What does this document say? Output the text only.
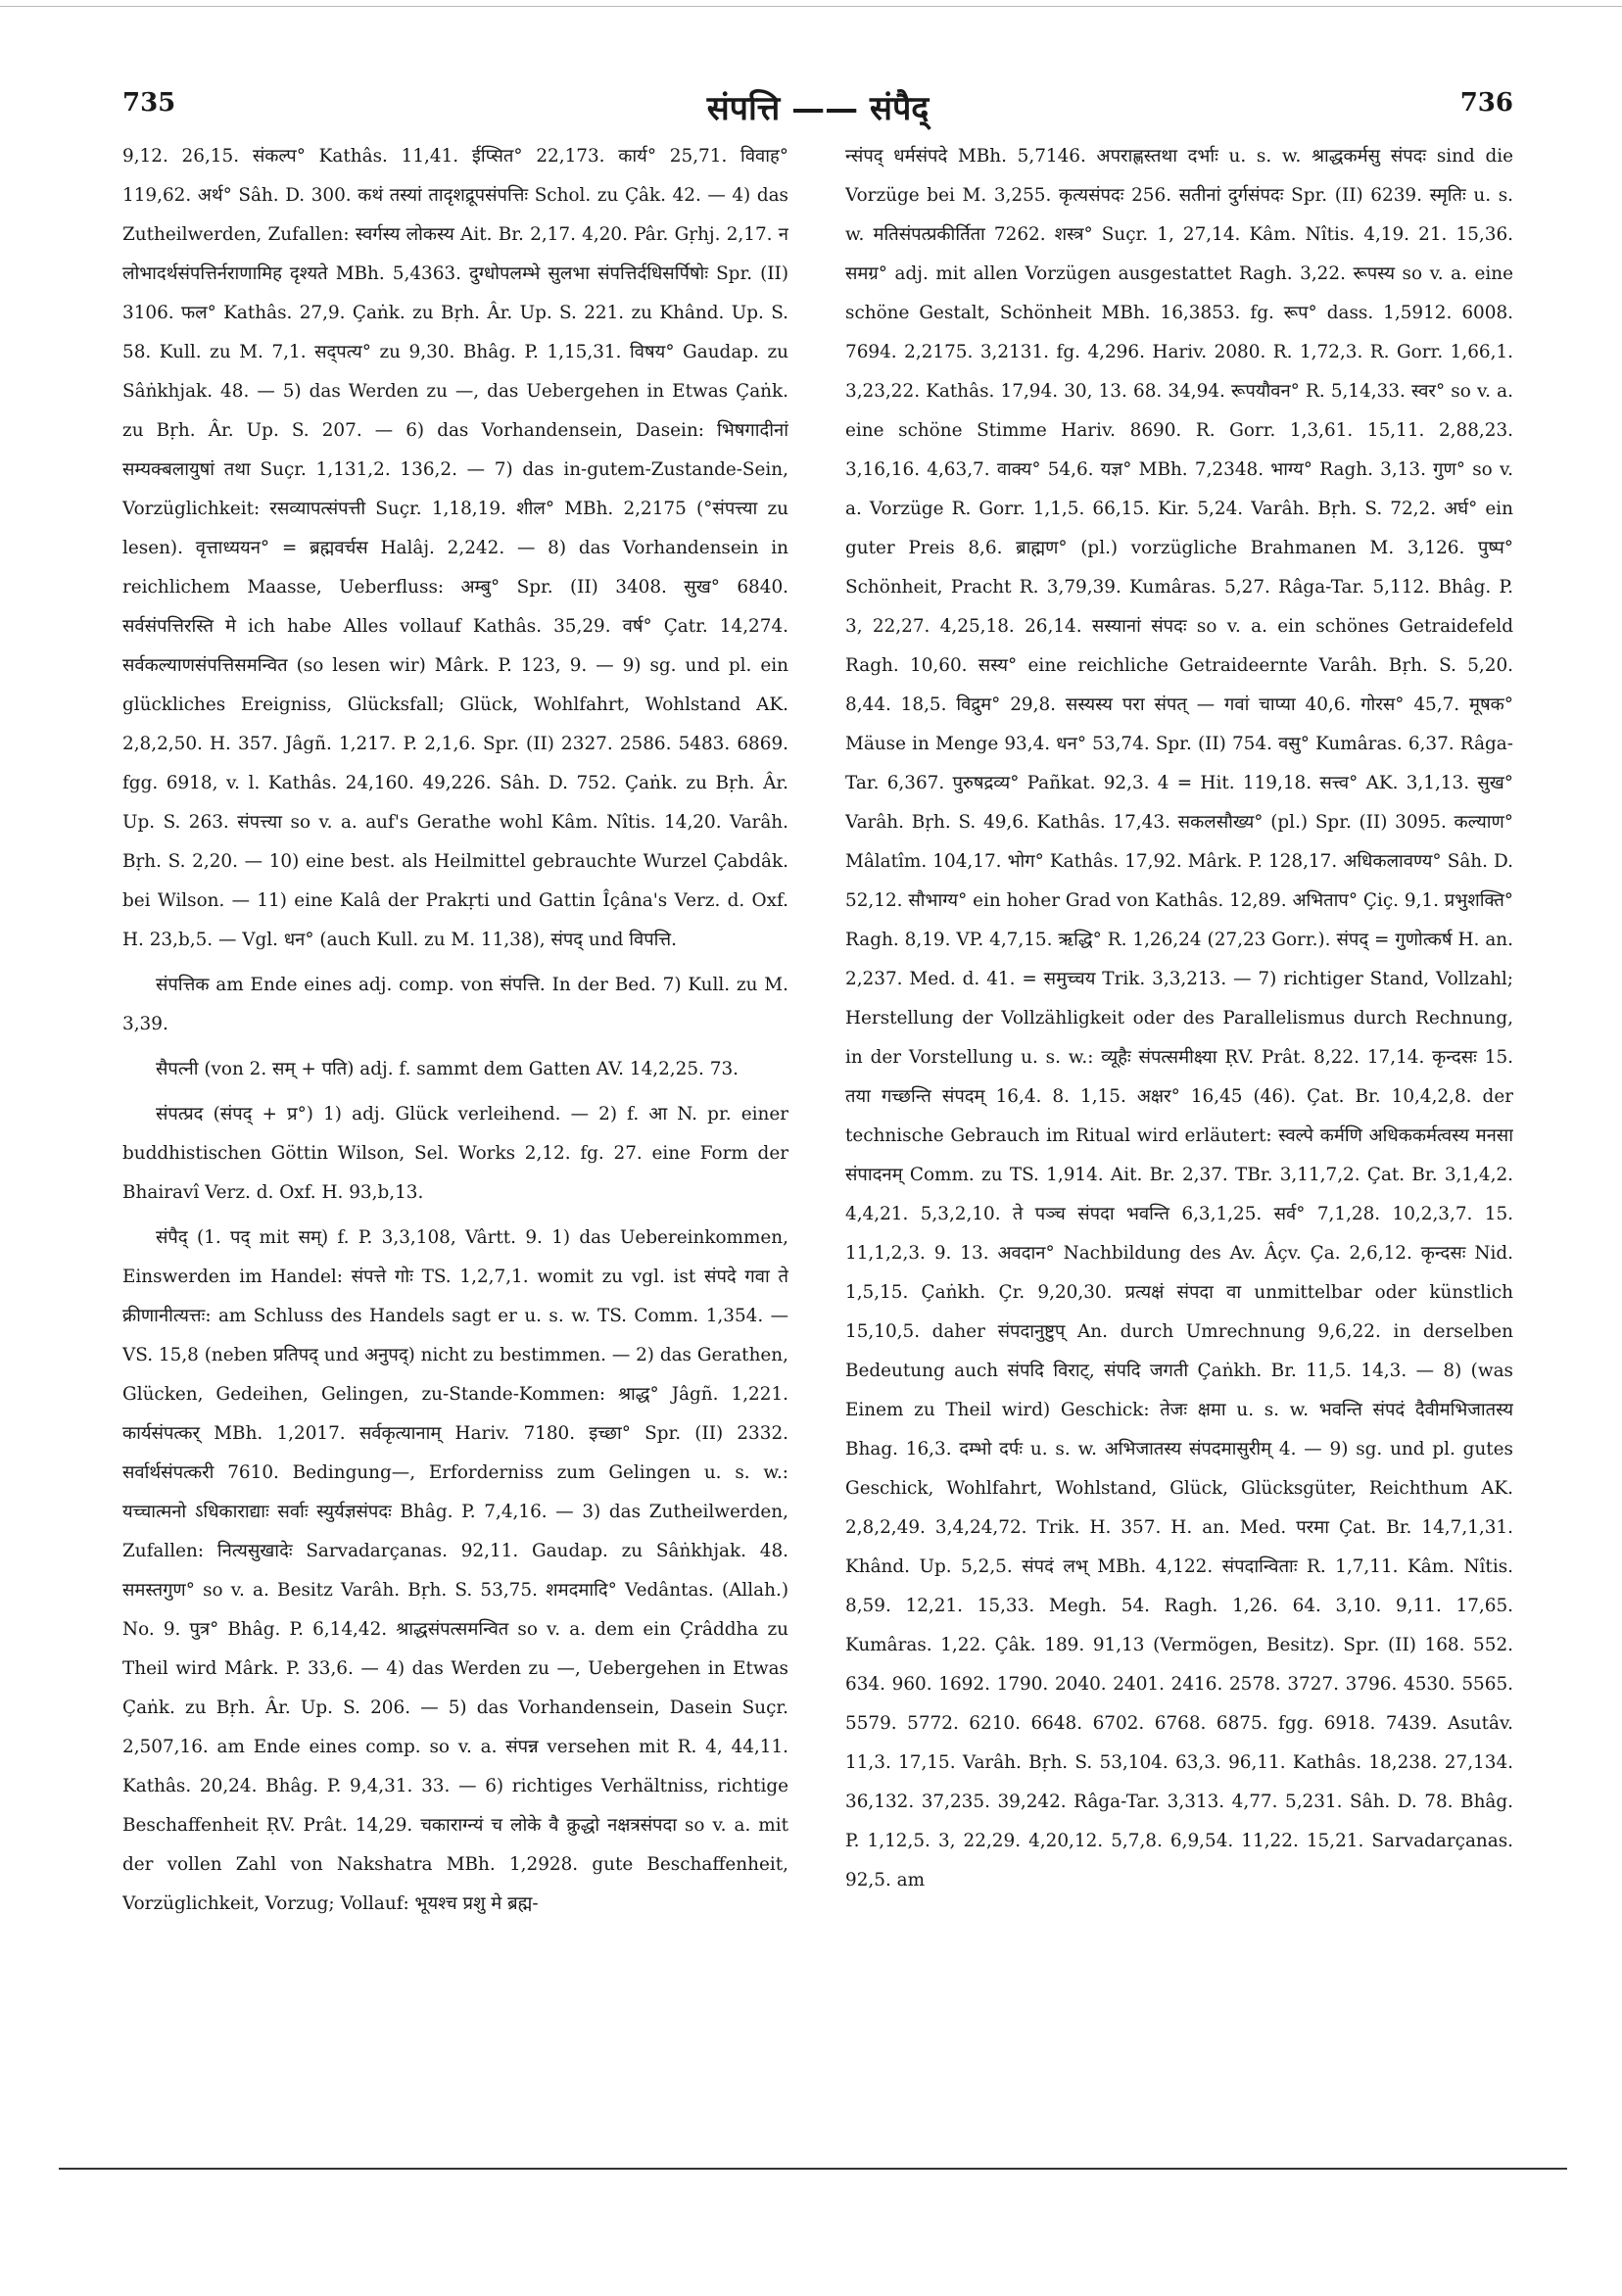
735	संपत्ति —— संपैद्	736

9,12. 26,15. संकल्प° Kathâs. 11,41. ईप्सित° 22,173. कार्य° 25,71. विवाह° 119,62. अर्थ° Sâh. D. 300. कथं तस्यां तादृशद्रूपसंपत्तिः Schol. zu Çâk. 42. — 4) das Zutheilwerden, Zufallen: स्वर्गस्य लोकस्य Ait. Br. 2,17. 4,20. Pâr. Gṛhj. 2,17. न लोभादर्थसंपत्तिर्नराणामिह दृश्यते MBh. 5,4363. दुग्धोपलम्भे सुलभा संपत्तिर्दधिसर्पिषोः Spr. (II) 3106. फल° Kathâs. 27,9. Çaṅk. zu Bṛh. Âr. Up. S. 221. zu Khând. Up. S. 58. Kull. zu M. 7,1. सद्पत्य° zu 9,30. Bhâg. P. 1,15,31. विषय° Gaudap. zu Sâṅkhjak. 48. — 5) das Werden zu —, das Uebergehen in Etwas Çaṅk. zu Bṛh. Âr. Up. S. 207. — 6) das Vorhandensein, Dasein: भिषगादीनां सम्यक्बलायुषां तथा Suçr. 1,131,2. 136,2. — 7) das in-gutem-Zustande-Sein, Vorzüglichkeit: रसव्यापत्संपत्ती Suçr. 1,18,19. शील° MBh. 2,2175 (°संपत्त्या zu lesen). वृत्ताध्ययन° = ब्रह्मवर्चस Halâj. 2,242. — 8) das Vorhandensein in reichlichem Maasse, Ueberfluss: अम्बु° Spr. (II) 3408. सुख° 6840. सर्वसंपत्तिरस्ति मे ich habe Alles vollauf Kathâs. 35,29. वर्ष° Çatr. 14,274. सर्वकल्याणसंपत्तिसमन्वित (so lesen wir) Mârk. P. 123, 9. — 9) sg. und pl. ein glückliches Ereigniss, Glücksfall; Glück, Wohlfahrt, Wohlstand AK. 2,8,2,50. H. 357. Jâgñ. 1,217. P. 2,1,6. Spr. (II) 2327. 2586. 5483. 6869. fgg. 6918, v. l. Kathâs. 24,160. 49,226. Sâh. D. 752. Çaṅk. zu Bṛh. Âr. Up. S. 263. संपत्त्या so v. a. auf's Gerathe wohl Kâm. Nîtis. 14,20. Varâh. Bṛh. S. 2,20. — 10) eine best. als Heilmittel gebrauchte Wurzel Çabdâk. bei Wilson. — 11) eine Kalâ der Prakṛti und Gattin Îçâna's Verz. d. Oxf. H. 23,b,5. — Vgl. धन° (auch Kull. zu M. 11,38), संपद् und विपत्ति.

संपत्तिक am Ende eines adj. comp. von संपत्ति. In der Bed. 7) Kull. zu M. 3,39.

सैपत्नी (von 2. सम् + पति) adj. f. sammt dem Gatten AV. 14,2,25. 73.

संपत्प्रद (संपद् + प्र°) 1) adj. Glück verleihend. — 2) f. आ N. pr. einer buddhistischen Göttin Wilson, Sel. Works 2,12. fg. 27. eine Form der Bhairavî Verz. d. Oxf. H. 93,b,13.

संपैद् (1. पद् mit सम्) f. P. 3,3,108, Vârtt. 9. 1) das Uebereinkommen, Einswerden im Handel: संपत्ते गोः TS. 1,2,7,1. womit zu vgl. ist संपदे गवा ते क्रीणानीत्यत्तः: am Schluss des Handels sagt er u. s. w. TS. Comm. 1,354. — VS. 15,8 (neben प्रतिपद् und अनुपद्) nicht zu bestimmen. — 2) das Gerathen, Glücken, Gedeihen, Gelingen, zu-Stande-Kommen: श्राद्ध° Jâgñ. 1,221. कार्यसंपत्कर् MBh. 1,2017. सर्वकृत्यानाम् Hariv. 7180. इच्छा° Spr. (II) 2332. सर्वार्थसंपत्करी 7610. Bedingung—, Erforderniss zum Gelingen u. s. w.: यच्चात्मनो ऽधिकाराद्याः सर्वाः स्युर्यज्ञसंपदः Bhâg. P. 7,4,16. — 3) das Zutheilwerden, Zufallen: नित्यसुखादेः Sarvadarçanas. 92,11. Gaudap. zu Sâṅkhjak. 48. समस्तगुण° so v. a. Besitz Varâh. Bṛh. S. 53,75. शमदमादि° Vedântas. (Allah.) No. 9. पुत्र° Bhâg. P. 6,14,42. श्राद्धसंपत्समन्वित so v. a. dem ein Çrâddha zu Theil wird Mârk. P. 33,6. — 4) das Werden zu —, Uebergehen in Etwas Çaṅk. zu Bṛh. Âr. Up. S. 206. — 5) das Vorhandensein, Dasein Suçr. 2,507,16. am Ende eines comp. so v. a. संपन्न versehen mit R. 4, 44,11. Kathâs. 20,24. Bhâg. P. 9,4,31. 33. — 6) richtiges Verhältniss, richtige Beschaffenheit ṚV. Prât. 14,29. चकाराग्न्यं च लोके वै क्रुद्धो नक्षत्रसंपदा so v. a. mit der vollen Zahl von Nakshatra MBh. 1,2928. gute Beschaffenheit, Vorzüglichkeit, Vorzug; Vollauf: भूयश्च प्रशु मे ब्रह्म-

न्संपद् धर्मसंपदे MBh. 5,7146. अपराह्णस्तथा दर्भाः u. s. w. श्राद्धकर्मसु संपदः sind die Vorzüge bei M. 3,255. कृत्यसंपदः 256. सतीनां दुर्गसंपदः Spr. (II) 6239. स्मृतिः u. s. w. मतिसंपत्प्रकीर्तिता 7262. शस्त्र° Suçr. 1, 27,14. Kâm. Nîtis. 4,19. 21. 15,36. समग्र° adj. mit allen Vorzügen ausgestattet Ragh. 3,22. रूपस्य so v. a. eine schöne Gestalt, Schönheit MBh. 16,3853. fg. रूप° dass. 1,5912. 6008. 7694. 2,2175. 3,2131. fg. 4,296. Hariv. 2080. R. 1,72,3. R. Gorr. 1,66,1. 3,23,22. Kathâs. 17,94. 30, 13. 68. 34,94. रूपयौवन° R. 5,14,33. स्वर° so v. a. eine schöne Stimme Hariv. 8690. R. Gorr. 1,3,61. 15,11. 2,88,23. 3,16,16. 4,63,7. वाक्य° 54,6. यज्ञ° MBh. 7,2348. भाग्य° Ragh. 3,13. गुण° so v. a. Vorzüge R. Gorr. 1,1,5. 66,15. Kir. 5,24. Varâh. Bṛh. S. 72,2. अर्घ° ein guter Preis 8,6. ब्राह्मण° (pl.) vorzügliche Brahmanen M. 3,126. पुष्प° Schönheit, Pracht R. 3,79,39. Kumâras. 5,27. Râga-Tar. 5,112. Bhâg. P. 3, 22,27. 4,25,18. 26,14. सस्यानां संपदः so v. a. ein schönes Getraidefeld Ragh. 10,60. सस्य° eine reichliche Getraideernte Varâh. Bṛh. S. 5,20. 8,44. 18,5. विद्रुम° 29,8. सस्यस्य परा संपत् — गवां चाप्या 40,6. गोरस° 45,7. मूषक° Mäuse in Menge 93,4. धन° 53,74. Spr. (II) 754. वसु° Kumâras. 6,37. Râga-Tar. 6,367. पुरुषद्रव्य° Pañkat. 92,3. 4 = Hit. 119,18. सत्त्व° AK. 3,1,13. सुख° Varâh. Bṛh. S. 49,6. Kathâs. 17,43. सकलसौख्य° (pl.) Spr. (II) 3095. कल्याण° Mâlatîm. 104,17. भोग° Kathâs. 17,92. Mârk. P. 128,17. अधिकलावण्य° Sâh. D. 52,12. सौभाग्य° ein hoher Grad von Kathâs. 12,89. अभिताप° Çiç. 9,1. प्रभुशक्ति° Ragh. 8,19. VP. 4,7,15. ऋद्धि° R. 1,26,24 (27,23 Gorr.). संपद् = गुणोत्कर्ष H. an. 2,237. Med. d. 41. = समुच्चय Trik. 3,3,213. — 7) richtiger Stand, Vollzahl; Herstellung der Vollzähligkeit oder des Parallelismus durch Rechnung, in der Vorstellung u. s. w.: व्यूहैः संपत्समीक्ष्या ṚV. Prât. 8,22. 17,14. कृन्दसः 15. तया गच्छन्ति संपदम् 16,4. 8. 1,15. अक्षर° 16,45 (46). Çat. Br. 10,4,2,8. der technische Gebrauch im Ritual wird erläutert: स्वल्पे कर्मणि अधिककर्मत्वस्य मनसा संपादनम् Comm. zu TS. 1,914. Ait. Br. 2,37. TBr. 3,11,7,2. Çat. Br. 3,1,4,2. 4,4,21. 5,3,2,10. ते पञ्च संपदा भवन्ति 6,3,1,25. सर्व° 7,1,28. 10,2,3,7. 15. 11,1,2,3. 9. 13. अवदान° Nachbildung des Av. Âçv. Ça. 2,6,12. कृन्दसः Nid. 1,5,15. Çaṅkh. Çr. 9,20,30. प्रत्यक्षं संपदा वा unmittelbar oder künstlich 15,10,5. daher संपदानुष्टुप् An. durch Umrechnung 9,6,22. in derselben Bedeutung auch संपदि विराट्, संपदि जगती Çaṅkh. Br. 11,5. 14,3. — 8) (was Einem zu Theil wird) Geschick: तेजः क्षमा u. s. w. भवन्ति संपदं दैवीमभिजातस्य Bhag. 16,3. दम्भो दर्पः u. s. w. अभिजातस्य संपदमासुरीम् 4. — 9) sg. und pl. gutes Geschick, Wohlfahrt, Wohlstand, Glück, Glücksgüter, Reichthum AK. 2,8,2,49. 3,4,24,72. Trik. H. 357. H. an. Med. परमा Çat. Br. 14,7,1,31. Khând. Up. 5,2,5. संपदं लभ् MBh. 4,122. संपदान्विताः R. 1,7,11. Kâm. Nîtis. 8,59. 12,21. 15,33. Megh. 54. Ragh. 1,26. 64. 3,10. 9,11. 17,65. Kumâras. 1,22. Çâk. 189. 91,13 (Vermögen, Besitz). Spr. (II) 168. 552. 634. 960. 1692. 1790. 2040. 2401. 2416. 2578. 3727. 3796. 4530. 5565. 5579. 5772. 6210. 6648. 6702. 6768. 6875. fgg. 6918. 7439. Asutâv. 11,3. 17,15. Varâh. Bṛh. S. 53,104. 63,3. 96,11. Kathâs. 18,238. 27,134. 36,132. 37,235. 39,242. Râga-Tar. 3,313. 4,77. 5,231. Sâh. D. 78. Bhâg. P. 1,12,5. 3, 22,29. 4,20,12. 5,7,8. 6,9,54. 11,22. 15,21. Sarvadarçanas. 92,5. am
